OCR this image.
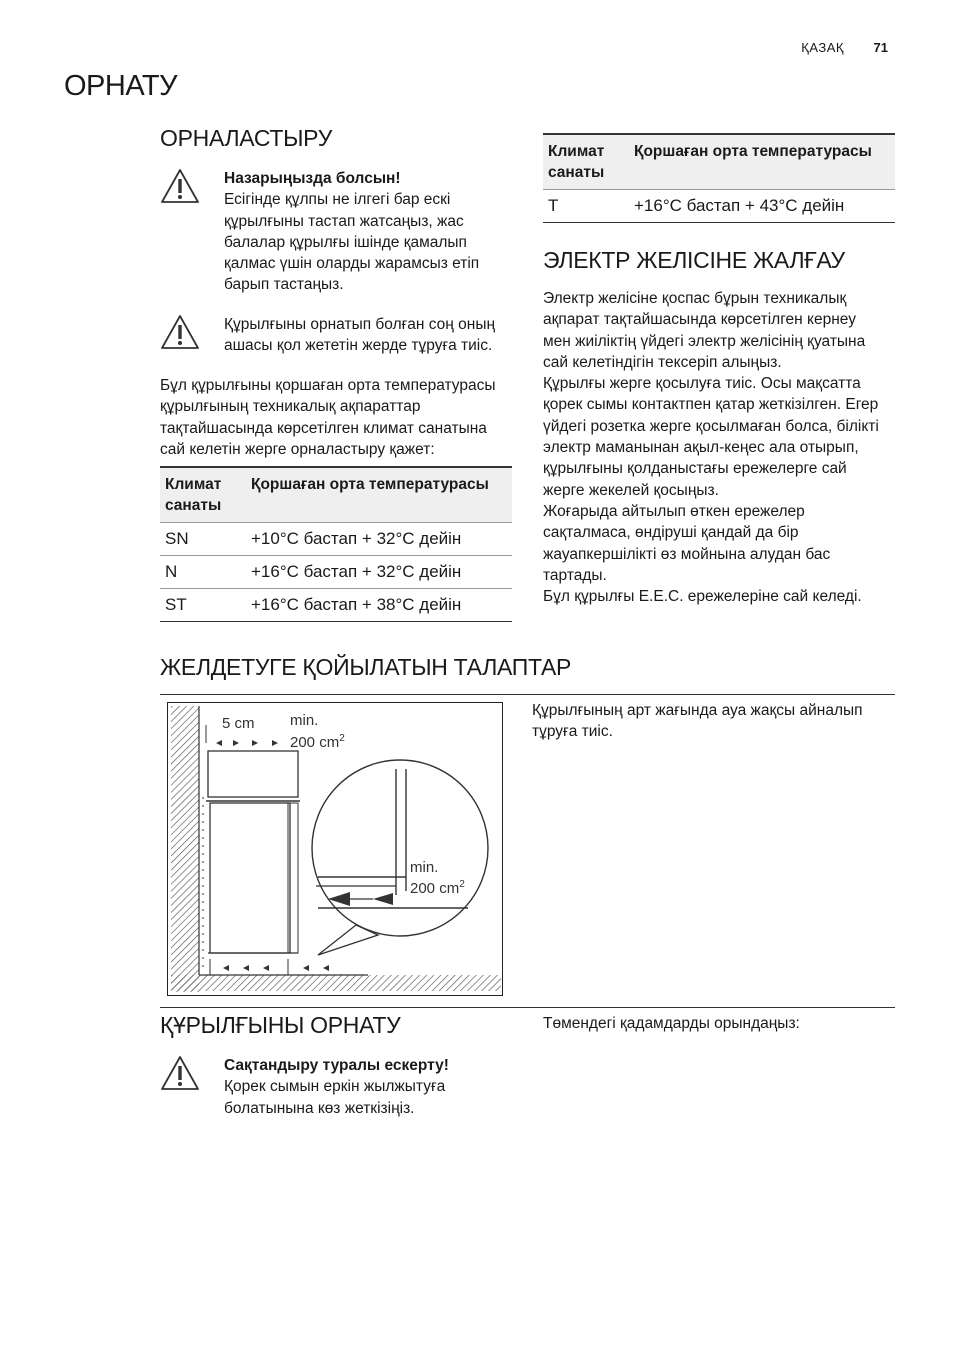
ҚАЗАҚ 71
ОРНАТУ
ОРНАЛАСТЫРУ
Назарыңызда болсын!
Есігінде құлпы не ілгегі бар ескі
құрылғыны тастап жатсаңыз, жас
балалар құрылғы ішінде қамалып
қалмас үшін оларды жарамсыз етіп
барып тастаңыз.
Құрылғыны орнатып болған соң оның
ашасы қол жететін жерде тұруға тиіс.
Бұл құрылғыны қоршаған орта температурасы
құрылғының техникалық ақпараттар
тақтайшасында көрсетілген климат санатына
сай келетін жерге орналастыру қажет:
Климат
санаты	Қоршаған орта температурасы
SN	+10°C бастап + 32°C дейін
N	+16°C бастап + 32°C дейін
ST	+16°C бастап + 38°C дейін
Климат
санаты	Қоршаған орта температурасы
T	+16°C бастап + 43°C дейін
ЭЛЕКТР ЖЕЛІСІНЕ ЖАЛҒАУ
Электр желісіне қоспас бұрын техникалық
ақпарат тақтайшасында көрсетілген кернеу
мен жиіліктің үйдегі электр желісінің қуатына
сай келетіндігін тексеріп алыңыз.
Құрылғы жерге қосылуға тиіс. Осы мақсатта
қорек сымы контактпен қатар жеткізілген. Егер
үйдегі розетка жерге қосылмаған болса, білікті
электр маманынан ақыл-кеңес ала отырып,
құрылғыны қолданыстағы ережелерге сай
жерге жекелей қосыңыз.
Жоғарыда айтылып өткен ережелер
сақталмаса, өндіруші қандай да бір
жауапкершілікті өз мойнына алудан бас
тартады.
Бұл құрылғы E.E.C. ережелеріне сай келеді.
ЖЕЛДЕТУГЕ ҚОЙЫЛАТЫН ТАЛАПТАР
5 cm min.
200 $cm^2$
min.
200 $cm^2$
Құрылғының арт жағында ауа жақсы айналып
тұруға тиіс.
ҚҰРЫЛҒЫНЫ ОРНАТУ
Сақтандыру туралы ескерту!
Қорек сымын еркін жылжытуға
болатынына көз жеткізіңіз.
Төмендегі қадамдарды орындаңыз:
